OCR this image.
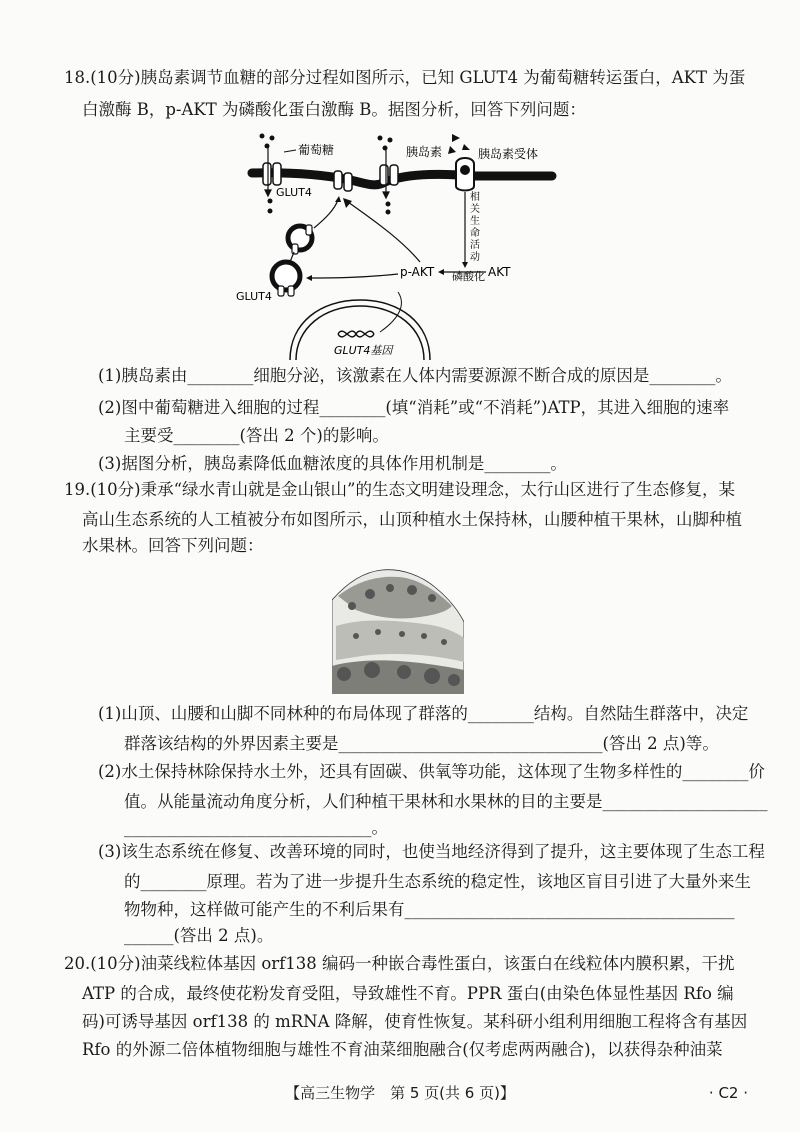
18.(10分)胰岛素调节血糖的部分过程如图所示，已知 GLUT4 为葡萄糖转运蛋白，AKT 为蛋
白激酶 B，p-AKT 为磷酸化蛋白激酶 B。据图分析，回答下列问题：
葡萄糖	胰岛素	胰岛素受体
GLUT4	相
关
生
命
活
动
磷酸化 AKT
p-AKT
GLUT4
GLUT4基因
(1)胰岛素由________细胞分泌，该激素在人体内需要源源不断合成的原因是________。
(2)图中葡萄糖进入细胞的过程________(填“消耗”或“不消耗”)ATP，其进入细胞的速率
主要受________(答出 2 个)的影响。
(3)据图分析，胰岛素降低血糖浓度的具体作用机制是________。
19.(10分)秉承“绿水青山就是金山银山”的生态文明建设理念，太行山区进行了生态修复，某
高山生态系统的人工植被分布如图所示，山顶种植水土保持林，山腰种植干果林，山脚种植
水果林。回答下列问题：
(1)山顶、山腰和山脚不同林种的布局体现了群落的________结构。自然陆生群落中，决定
群落该结构的外界因素主要是________________________________(答出 2 点)等。
(2)水土保持林除保持水土外，还具有固碳、供氧等功能，这体现了生物多样性的________价
值。从能量流动角度分析，人们种植干果林和水果林的目的主要是____________________
______________________________。
(3)该生态系统在修复、改善环境的同时，也使当地经济得到了提升，这主要体现了生态工程
的________原理。若为了进一步提升生态系统的稳定性，该地区盲目引进了大量外来生
物物种，这样做可能产生的不利后果有________________________________________
______(答出 2 点)。
20.(10分)油菜线粒体基因 orf138 编码一种嵌合毒性蛋白，该蛋白在线粒体内膜积累，干扰
ATP 的合成，最终使花粉发育受阻，导致雄性不育。PPR 蛋白(由染色体显性基因 Rfo 编
码)可诱导基因 orf138 的 mRNA 降解，使育性恢复。某科研小组利用细胞工程将含有基因
Rfo 的外源二倍体植物细胞与雄性不育油菜细胞融合(仅考虑两两融合)，以获得杂种油菜
【高三生物学　第 5 页(共 6 页)】	· C2 ·
